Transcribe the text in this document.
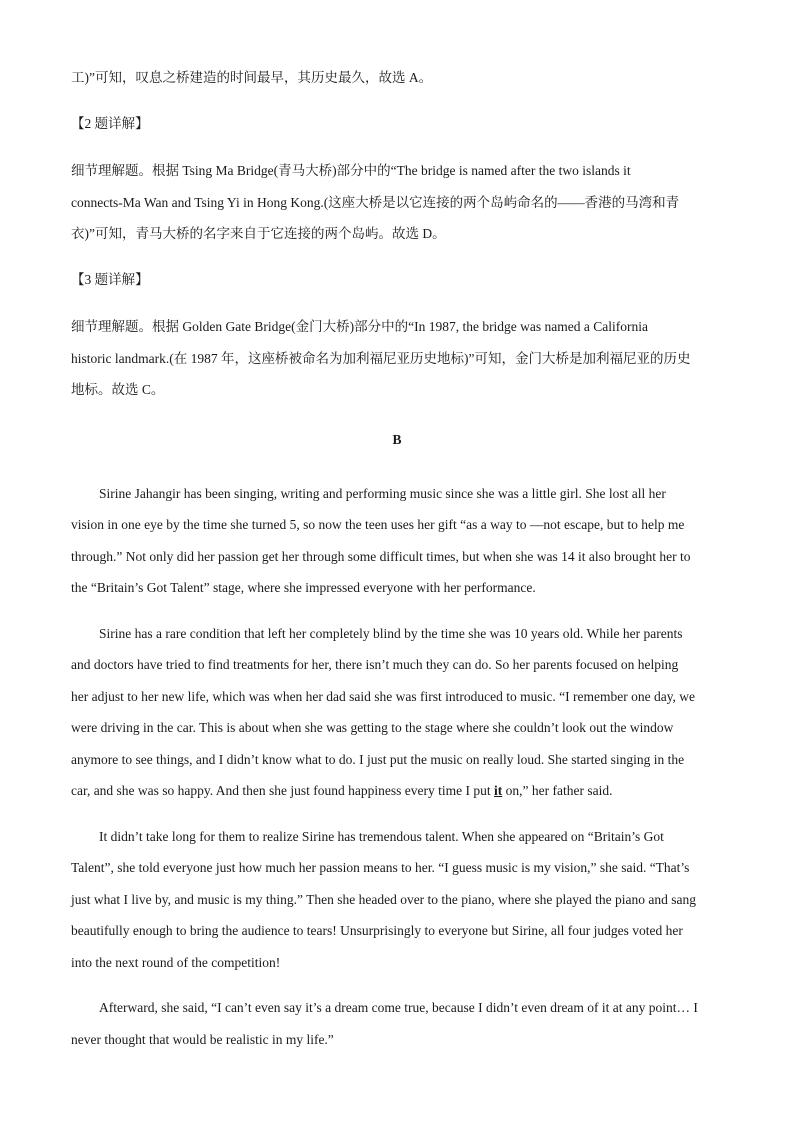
工)”可知，叹息之桥建造的时间最早，其历史最久，故选 A。

【2 题详解】

细节理解题。根据 Tsing Ma Bridge(青马大桥)部分中的“The bridge is named after the two islands it

connects-Ma Wan and Tsing Yi in Hong Kong.(这座大桥是以它连接的两个岛屿命名的——香港的马湾和青

衣)”可知，青马大桥的名字来自于它连接的两个岛屿。故选 D。

【3 题详解】

细节理解题。根据 Golden Gate Bridge(金门大桥)部分中的“In 1987, the bridge was named a California

historic landmark.(在 1987 年，这座桥被命名为加利福尼亚历史地标)”可知，金门大桥是加利福尼亚的历史

地标。故选 C。

B

Sirine Jahangir has been singing, writing and performing music since she was a little girl. She lost all her

vision in one eye by the time she turned 5, so now the teen uses her gift “as a way to —not escape, but to help me

through.” Not only did her passion get her through some difficult times, but when she was 14 it also brought her to

the “Britain’s Got Talent” stage, where she impressed everyone with her performance.

Sirine has a rare condition that left her completely blind by the time she was 10 years old. While her parents

and doctors have tried to find treatments for her, there isn’t much they can do. So her parents focused on helping

her adjust to her new life, which was when her dad said she was first introduced to music. “I remember one day, we

were driving in the car. This is about when she was getting to the stage where she couldn’t look out the window

anymore to see things, and I didn’t know what to do. I just put the music on really loud. She started singing in the

car, and she was so happy. And then she just found happiness every time I put it on,” her father said.

It didn’t take long for them to realize Sirine has tremendous talent. When she appeared on “Britain’s Got

Talent”, she told everyone just how much her passion means to her. “I guess music is my vision,” she said. “That’s

just what I live by, and music is my thing.” Then she headed over to the piano, where she played the piano and sang

beautifully enough to bring the audience to tears! Unsurprisingly to everyone but Sirine, all four judges voted her

into the next round of the competition!

Afterward, she said, “I can’t even say it’s a dream come true, because I didn’t even dream of it at any point… I

never thought that would be realistic in my life.”
